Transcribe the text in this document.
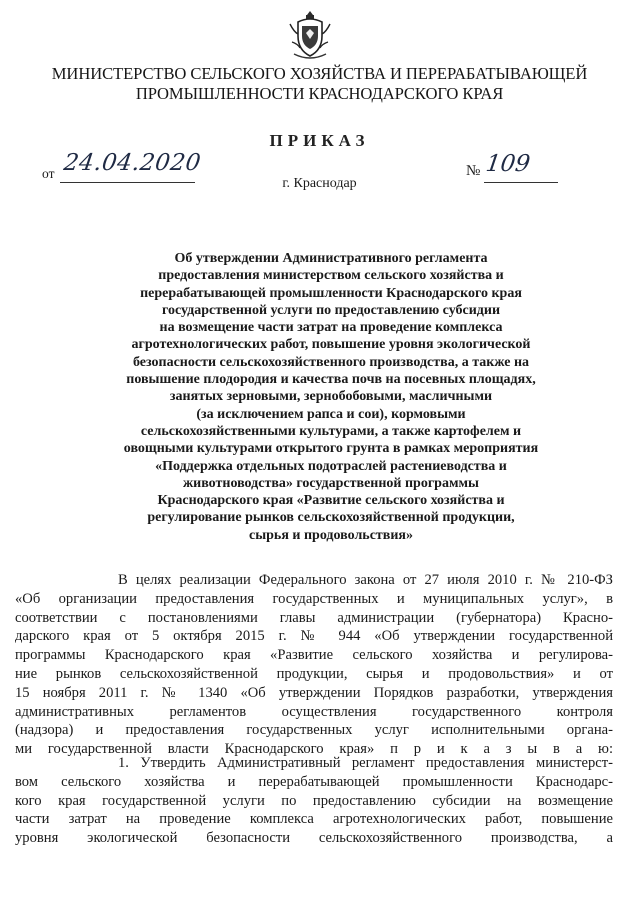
МИНИСТЕРСТВО СЕЛЬСКОГО ХОЗЯЙСТВА И ПЕРЕРАБАТЫВАЮЩЕЙ
ПРОМЫШЛЕННОСТИ КРАСНОДАРСКОГО КРАЯ
ПРИКАЗ
от 24.04.2020	№ 109
г. Краснодар
Об утверждении Административного регламента
предоставления министерством сельского хозяйства и
перерабатывающей промышленности Краснодарского края
государственной услуги по предоставлению субсидии
на возмещение части затрат на проведение комплекса
агротехнологических работ, повышение уровня экологической
безопасности сельскохозяйственного производства, а также на
повышение плодородия и качества почв на посевных площадях,
занятых зерновыми, зернобобовыми, масличными
(за исключением рапса и сои), кормовыми
сельскохозяйственными культурами, а также картофелем и
овощными культурами открытого грунта в рамках мероприятия
«Поддержка отдельных подотраслей растениеводства и
животноводства» государственной программы
Краснодарского края «Развитие сельского хозяйства и
регулирование рынков сельскохозяйственной продукции,
сырья и продовольствия»
В целях реализации Федерального закона от 27 июля 2010 г. № 210-ФЗ
«Об организации предоставления государственных и муниципальных услуг», в
соответствии с постановлениями главы администрации (губернатора) Красно-
дарского края от 5 октября 2015 г. № 944 «Об утверждении государственной
программы Краснодарского края «Развитие сельского хозяйства и регулирова-
ние рынков сельскохозяйственной продукции, сырья и продовольствия» и от
15 ноября 2011 г. № 1340 «Об утверждении Порядков разработки, утверждения
административных регламентов осуществления государственного контроля
(надзора) и предоставления государственных услуг исполнительными органа-
ми государственной власти Краснодарского края» п р и к а з ы в а ю:
1. Утвердить Административный регламент предоставления министерст-
вом сельского хозяйства и перерабатывающей промышленности Краснодарс-
кого края государственной услуги по предоставлению субсидии на возмещение
части затрат на проведение комплекса агротехнологических работ, повышение
уровня экологической безопасности сельскохозяйственного производства, а
